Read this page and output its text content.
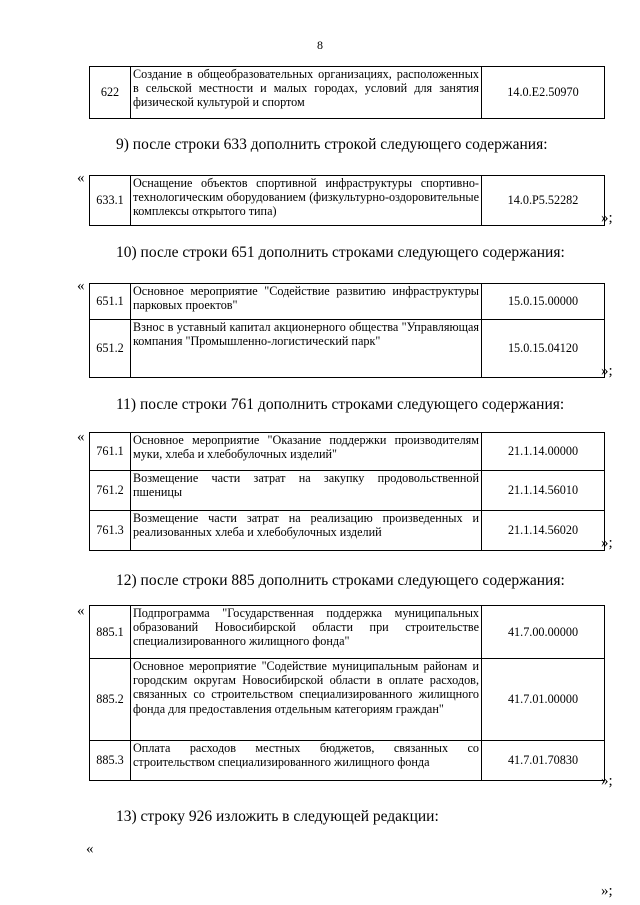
8
622	Создание в общеобразовательных организациях, расположенных в сельской местности и малых городах, условий для занятия физической культурой и спортом	14.0.E2.50970
9) после строки 633 дополнить строкой следующего содержания:
«
633.1	Оснащение объектов спортивной инфраструктуры спортивно-технологическим оборудованием (физкультурно-оздоровительные комплексы открытого типа)	14.0.P5.52282
»;
10) после строки 651 дополнить строками следующего содержания:
«
651.1	Основное мероприятие "Содействие развитию инфраструктуры парковых проектов"	15.0.15.00000
651.2	Взнос в уставный капитал акционерного общества "Управляющая компания "Промышленно-логистический парк"	15.0.15.04120
»;
11) после строки 761 дополнить строками следующего содержания:
«
761.1	Основное мероприятие "Оказание поддержки производителям муки, хлеба и хлебобулочных изделий"	21.1.14.00000
761.2	Возмещение части затрат на закупку продовольственной пшеницы	21.1.14.56010
761.3	Возмещение части затрат на реализацию произведенных и реализованных хлеба и хлебобулочных изделий	21.1.14.56020
»;
12) после строки 885 дополнить строками следующего содержания:
«
885.1	Подпрограмма "Государственная поддержка муниципальных образований Новосибирской области при строительстве специализированного жилищного фонда"	41.7.00.00000
885.2	Основное мероприятие "Содействие муниципальным районам и городским округам Новосибирской области в оплате расходов, связанных со строительством специализированного жилищного фонда для предоставления отдельным категориям граждан"	41.7.01.00000
885.3	Оплата расходов местных бюджетов, связанных со строительством специализированного жилищного фонда	41.7.01.70830
»;
13) строку 926 изложить в следующей редакции:
«
»;
